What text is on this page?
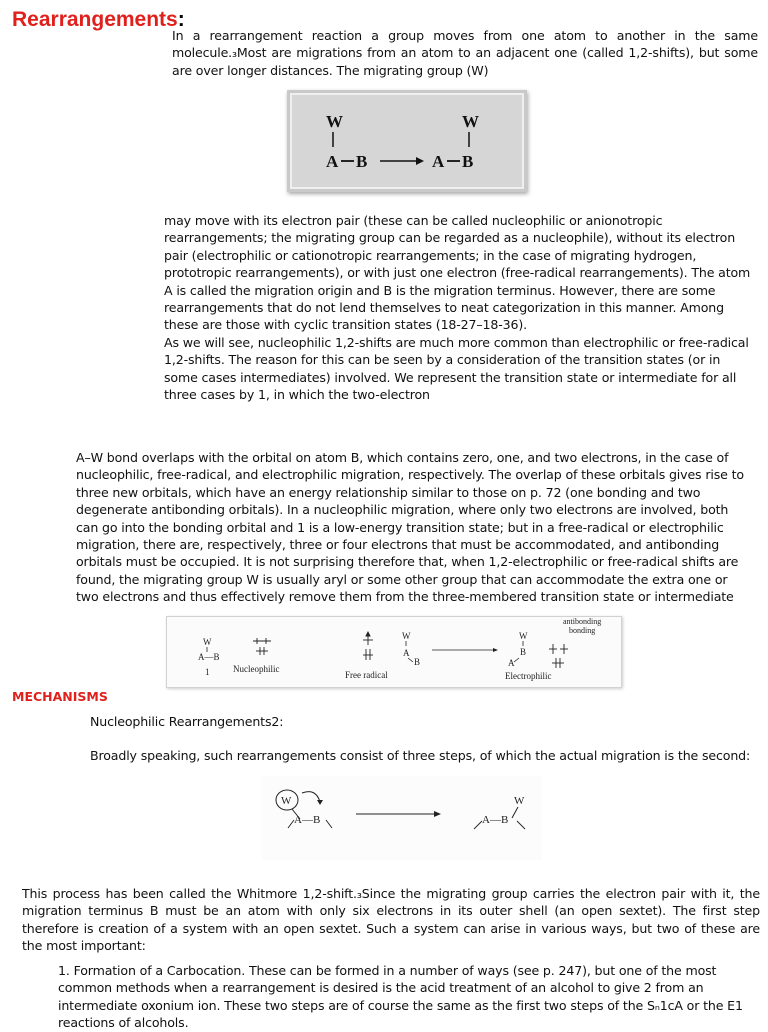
Rearrangements:
In a rearrangement reaction a group moves from one atom to another in the same molecule.₃Most are migrations from an atom to an adjacent one (called 1,2-shifts), but some are over longer distances. The migrating group (W)
W
A B	A B
W
may move with its electron pair (these can be called nucleophilic or anionotropic rearrangements; the migrating group can be regarded as a nucleophile), without its electron pair (electrophilic or cationotropic rearrangements; in the case of migrating hydrogen, prototropic rearrangements), or with just one electron (free-radical rearrangements). The atom A is called the migration origin and B is the migration terminus. However, there are some rearrangements that do not lend themselves to neat categorization in this manner. Among these are those with cyclic transition states (18-27–18-36).
As we will see, nucleophilic 1,2-shifts are much more common than electrophilic or free-radical 1,2-shifts. The reason for this can be seen by a consideration of the transition states (or in some cases intermediates) involved. We represent the transition state or intermediate for all three cases by 1, in which the two-electron
A–W bond overlaps with the orbital on atom B, which contains zero, one, and two electrons, in the case of nucleophilic, free-radical, and electrophilic migration, respectively. The overlap of these orbitals gives rise to three new orbitals, which have an energy relationship similar to those on p. 72 (one bonding and two degenerate antibonding orbitals). In a nucleophilic migration, where only two electrons are involved, both can go into the bonding orbital and 1 is a low-energy transition state; but in a free-radical or electrophilic migration, there are, respectively, three or four electrons that must be accommodated, and antibonding orbitals must be occupied. It is not surprising therefore that, when 1,2-electrophilic or free-radical shifts are found, the migrating group W is usually aryl or some other group that can accommodate the extra one or two electrons and thus effectively remove them from the three-membered transition state or intermediate
W
A—B
1	Nucleophilic
W
A
B
Free radical
W
B
A
Electrophilic
antibonding
bonding
MECHANISMS
Nucleophilic Rearrangements2:
Broadly speaking, such rearrangements consist of three steps, of which the actual migration is the second:
W
A—B
W
A—B
This process has been called the Whitmore 1,2-shift.₃Since the migrating group carries the electron pair with it, the migration terminus B must be an atom with only six electrons in its outer shell (an open sextet). The first step therefore is creation of a system with an open sextet. Such a system can arise in various ways, but two of these are the most important:
1. Formation of a Carbocation. These can be formed in a number of ways (see p. 247), but one of the most common methods when a rearrangement is desired is the acid treatment of an alcohol to give 2 from an intermediate oxonium ion. These two steps are of course the same as the first two steps of the Sₙ1cA or the E1 reactions of alcohols.
